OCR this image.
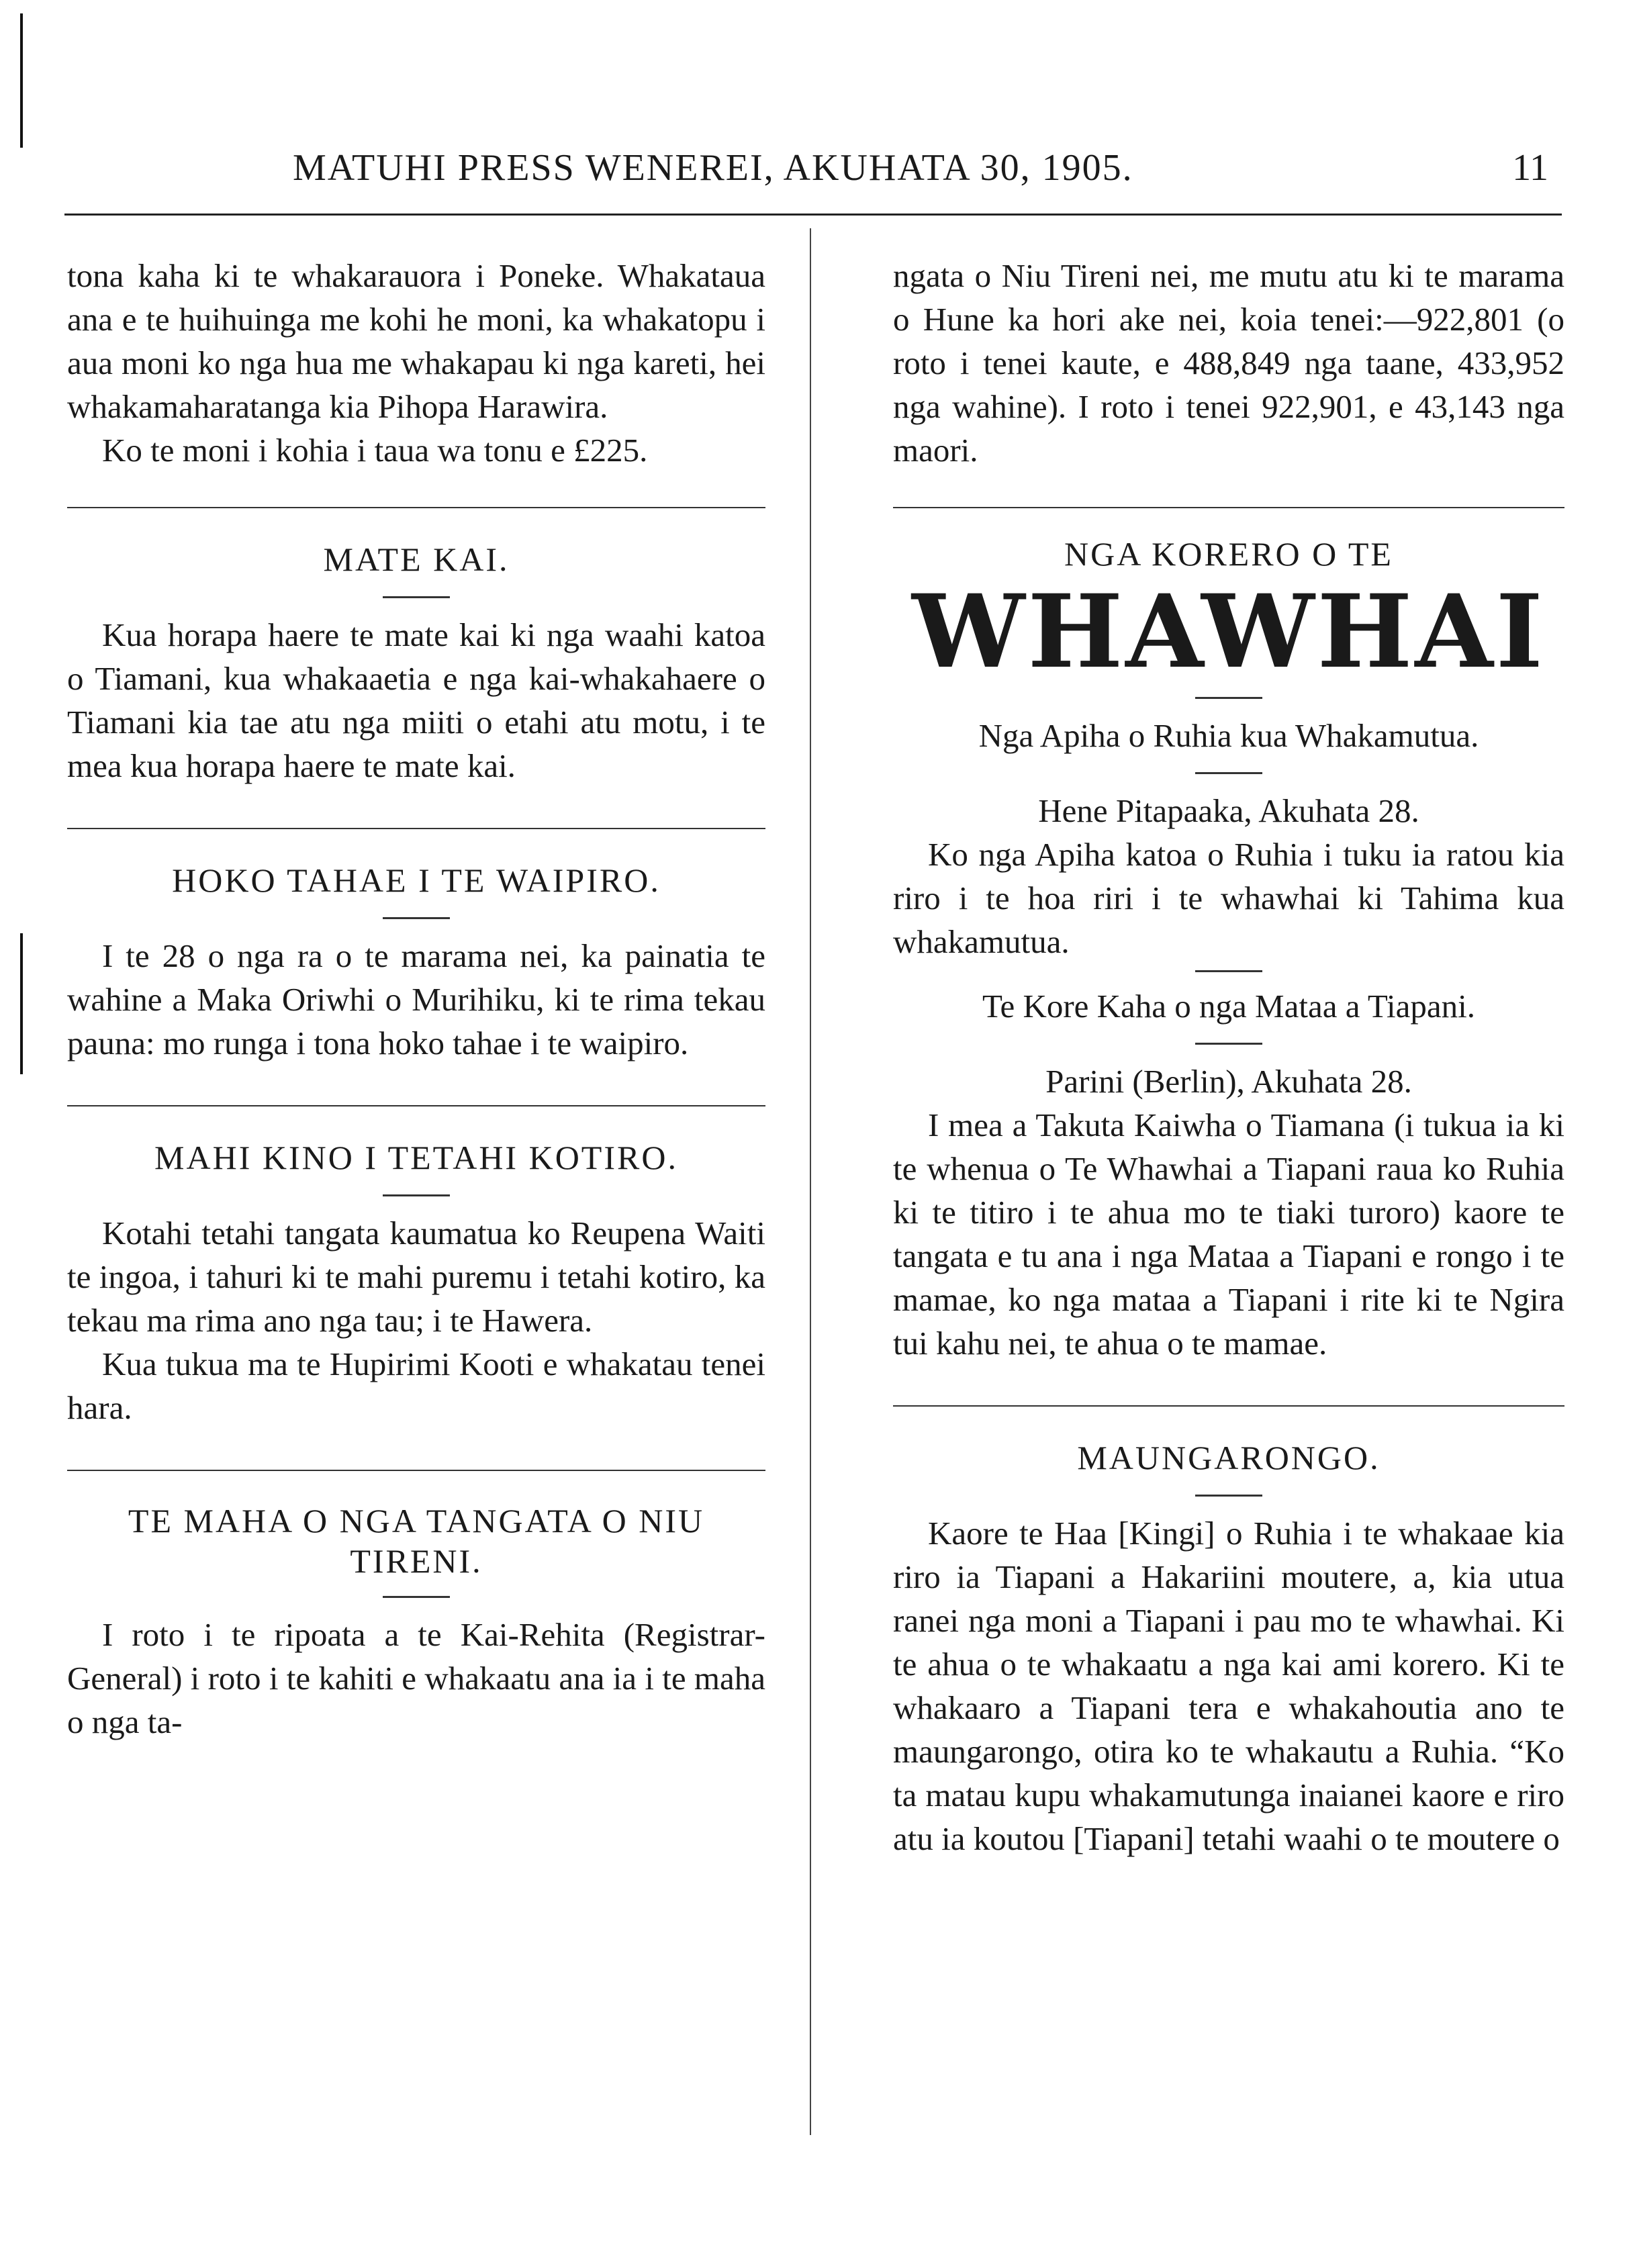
MATUHI PRESS WENEREI, AKUHATA 30, 1905.	11

tona kaha ki te whakarauora i Poneke. Whakataua ana e te huihuinga me kohi he moni, ka whakatopu i aua moni ko nga hua me whakapau ki nga kareti, hei whakamaharatanga kia Pihopa Harawira.

Ko te moni i kohia i taua wa tonu e £225.

MATE KAI.

Kua horapa haere te mate kai ki nga waahi katoa o Tiamani, kua whakaaetia e nga kai-whakahaere o Tiamani kia tae atu nga miiti o etahi atu motu, i te mea kua horapa haere te mate kai.

HOKO TAHAE I TE WAIPIRO.

I te 28 o nga ra o te marama nei, ka painatia te wahine a Maka Oriwhi o Murihiku, ki te rima tekau pauna: mo runga i tona hoko tahae i te waipiro.

MAHI KINO I TETAHI KOTIRO.

Kotahi tetahi tangata kaumatua ko Reupena Waiti te ingoa, i tahuri ki te mahi puremu i tetahi kotiro, ka tekau ma rima ano nga tau; i te Hawera.

Kua tukua ma te Hupirimi Kooti e whakatau tenei hara.

TE MAHA O NGA TANGATA O NIU TIRENI.

I roto i te ripoata a te Kai-Rehita (Registrar-General) i roto i te kahiti e whakaatu ana ia i te maha o nga ta-

ngata o Niu Tireni nei, me mutu atu ki te marama o Hune ka hori ake nei, koia tenei:—922,801 (o roto i tenei kaute, e 488,849 nga taane, 433,952 nga wahine). I roto i tenei 922,901, e 43,143 nga maori.

NGA KORERO O TE
WHAWHAI
Nga Apiha o Ruhia kua Whakamutua.
Hene Pitapaaka, Akuhata 28.

Ko nga Apiha katoa o Ruhia i tuku ia ratou kia riro i te hoa riri i te whawhai ki Tahima kua whakamutua.

Te Kore Kaha o nga Mataa a Tiapani.
Parini (Berlin), Akuhata 28.

I mea a Takuta Kaiwha o Tiamana (i tukua ia ki te whenua o Te Whawhai a Tiapani raua ko Ruhia ki te titiro i te ahua mo te tiaki turoro) kaore te tangata e tu ana i nga Mataa a Tiapani e rongo i te mamae, ko nga mataa a Tiapani i rite ki te Ngira tui kahu nei, te ahua o te mamae.

MAUNGARONGO.

Kaore te Haa [Kingi] o Ruhia i te whakaae kia riro ia Tiapani a Hakariini moutere, a, kia utua ranei nga moni a Tiapani i pau mo te whawhai. Ki te ahua o te whakaatu a nga kai ami korero. Ki te whakaaro a Tiapani tera e whakahoutia ano te maungarongo, otira ko te whakautu a Ruhia. “Ko ta matau kupu whakamutunga inaianei kaore e riro atu ia koutou [Tiapani] tetahi waahi o te moutere o
